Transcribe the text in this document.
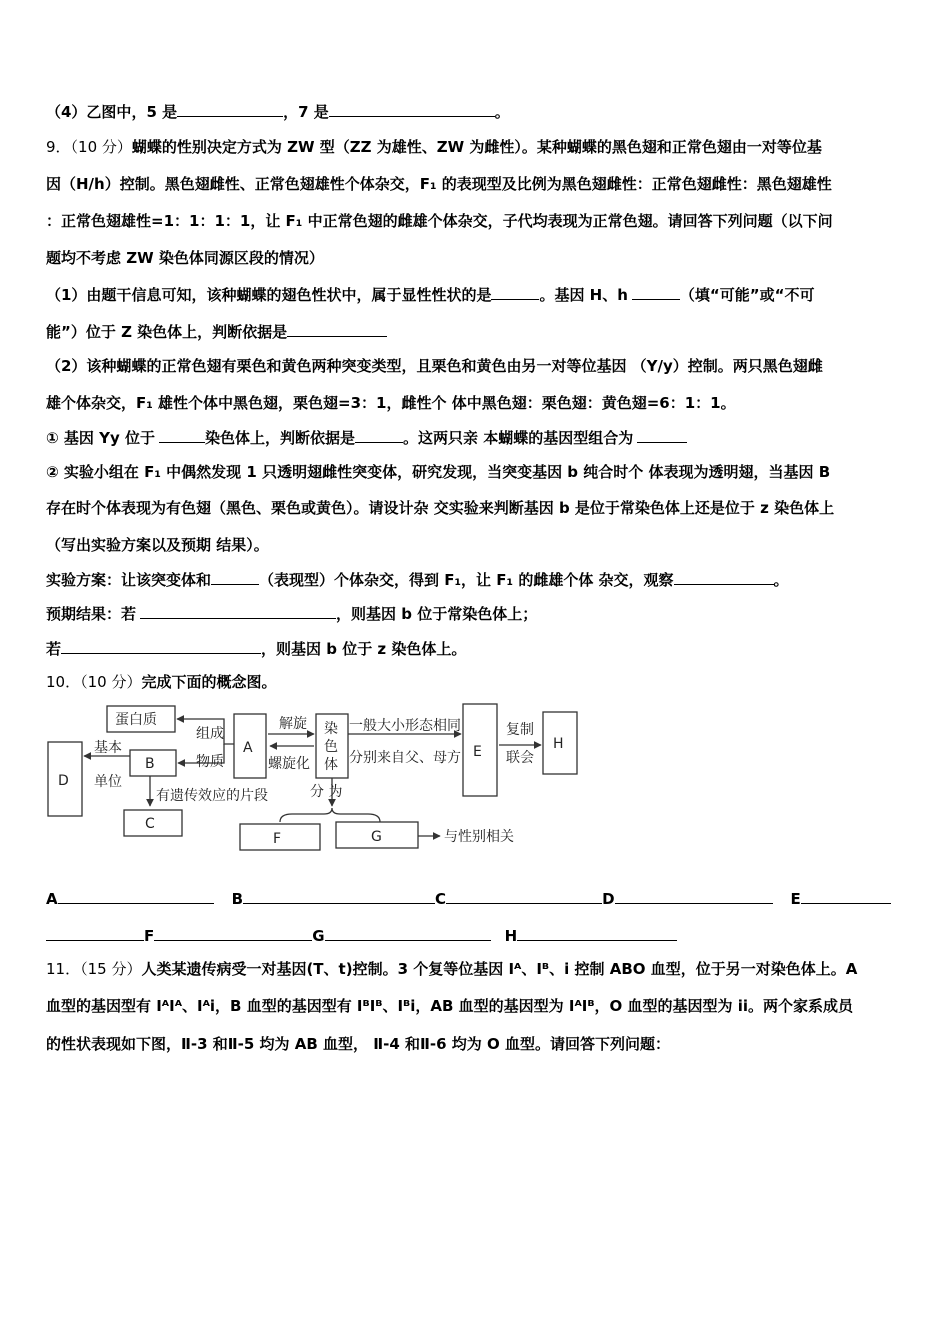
（4）乙图中，5 是	，7 是	。
9．（10 分）蝴蝶的性别决定方式为 ZW 型（ZZ 为雄性、ZW 为雌性）。某种蝴蝶的黑色翅和正常色翅由一对等位基
因（H/h）控制。黑色翅雌性、正常色翅雄性个体杂交，F₁ 的表现型及比例为黑色翅雌性：正常色翅雌性：黑色翅雄性
：正常色翅雄性=1：1：1：1，让 F₁ 中正常色翅的雌雄个体杂交，子代均表现为正常色翅。请回答下列问题（以下问
题均不考虑 ZW 染色体同源区段的情况）
（1）由题干信息可知，该种蝴蝶的翅色性状中，属于显性性状的是	。基因 H、h	（填“可能”或“不可
能”）位于 Z 染色体上，判断依据是
（2）该种蝴蝶的正常色翅有栗色和黄色两种突变类型，且栗色和黄色由另一对等位基因 （Y/y）控制。两只黑色翅雌
雄个体杂交，F₁ 雄性个体中黑色翅，栗色翅=3：1，雌性个 体中黑色翅：栗色翅：黄色翅=6：1：1。
① 基因 Yy 位于	染色体上，判断依据是	。这两只亲 本蝴蝶的基因型组合为
② 实验小组在 F₁ 中偶然发现 1 只透明翅雌性突变体，研究发现，当突变基因 b 纯合时个 体表现为透明翅，当基因 B
存在时个体表现为有色翅（黑色、栗色或黄色）。请设计杂 交实验来判断基因 b 是位于常染色体上还是位于 z 染色体上
（写出实验方案以及预期 结果）。
实验方案：让该突变体和	（表现型）个体杂交，得到 F₁，让 F₁ 的雌雄个体 杂交，观察	。
预期结果：若	，则基因 b 位于常染色体上；
若	，则基因 b 位于 z 染色体上。
10．（10 分）完成下面的概念图。
蛋白质
D
B
C
A
染
色
体
E	H
F	G
组成
物质
基本
单位
有遗传效应的片段
解旋
螺旋化
一般大小形态相同
分别来自父、母方
复制
联会
分 为
与性别相关
A	B	C	D	E
F	G	H
11．（15 分）人类某遗传病受一对基因(T、t)控制。3 个复等位基因 Iᴬ、Iᴮ、i 控制 ABO 血型，位于另一对染色体上。A
血型的基因型有 IᴬIᴬ、Iᴬi，B 血型的基因型有 IᴮIᴮ、Iᴮi，AB 血型的基因型为 IᴬIᴮ，O 血型的基因型为 ii。两个家系成员
的性状表现如下图，Ⅱ-3 和Ⅱ-5 均为 AB 血型， Ⅱ-4 和Ⅱ-6 均为 O 血型。请回答下列问题：
